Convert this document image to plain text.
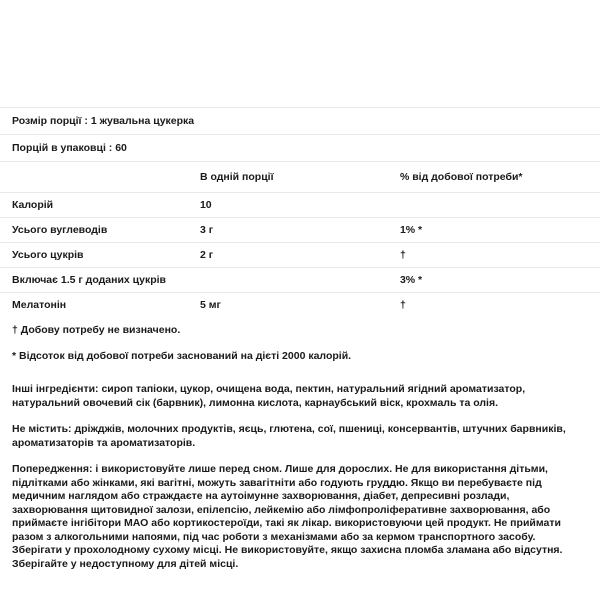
Розмір порції : 1 жувальна цукерка		
Порцій в упаковці : 60		
	В одній порції	% від добової потреби*
Калорій	10	
Усього вуглеводів	3 г	1% *
Усього цукрів	2 г	†
Включає 1.5 г доданих цукрів		3% *
Мелатонін	5 мг	†
† Добову потребу не визначено.
* Відсоток від добової потреби заснований на дієті 2000 калорій.

Інші інгредієнти: сироп тапіоки, цукор, очищена вода, пектин, натуральний ягідний ароматизатор, натуральний овочевий сік (барвник), лимонна кислота, карнаубський віск, крохмаль та олія.

Не містить: дріжджів, молочних продуктів, яєць, глютена, сої, пшениці, консервантів, штучних барвників, ароматизаторів та ароматизаторів.

Попередження: і використовуйте лише перед сном. Лише для дорослих. Не для використання дітьми, підлітками або жінками, які вагітні, можуть завагітніти або годують груддю. Якщо ви перебуваєте під медичним наглядом або страждаєте на аутоімунне захворювання, діабет, депресивні розлади, захворювання щитовидної залози, епілепсію, лейкемію або лімфопроліферативне захворювання, або приймаєте інгібітори МАО або кортикостероїди, такі як лікар. використовуючи цей продукт. Не приймати разом з алкогольними напоями, під час роботи з механізмами або за кермом транспортного засобу. Зберігати у прохолодному сухому місці. Не використовуйте, якщо захисна пломба зламана або відсутня. Зберігайте у недоступному для дітей місці.
